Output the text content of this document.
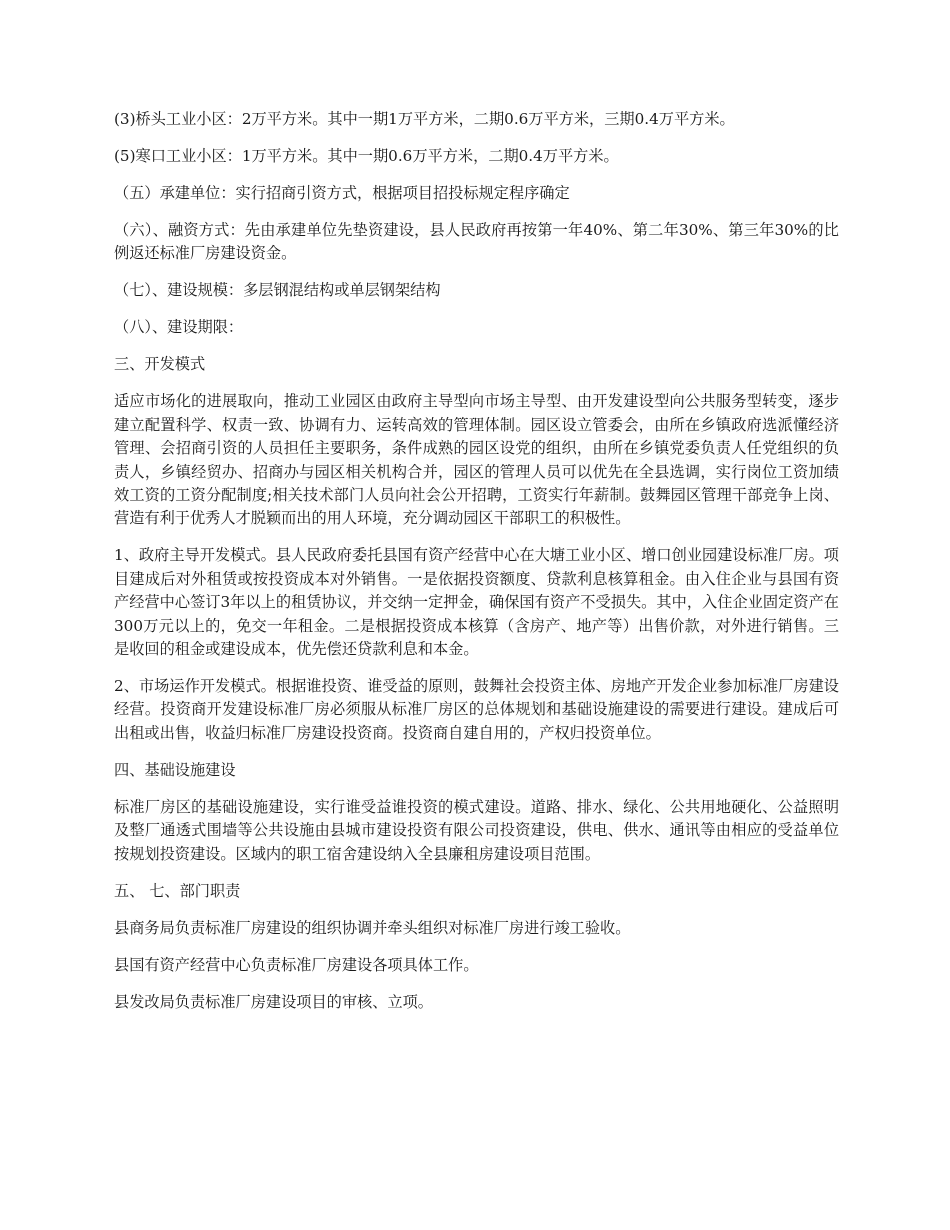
(3)桥头工业小区：2万平方米。其中一期1万平方米，二期0.6万平方米，三期0.4万平方米。

(5)寒口工业小区：1万平方米。其中一期0.6万平方米，二期0.4万平方米。

（五）承建单位：实行招商引资方式，根据项目招投标规定程序确定

（六）、融资方式：先由承建单位先垫资建设，县人民政府再按第一年40%、第二年30%、第三年30%的比例返还标准厂房建设资金。

（七）、建设规模：多层钢混结构或单层钢架结构

（八）、建设期限：

三、开发模式

适应市场化的进展取向，推动工业园区由政府主导型向市场主导型、由开发建设型向公共服务型转变，逐步建立配置科学、权责一致、协调有力、运转高效的管理体制。园区设立管委会，由所在乡镇政府选派懂经济管理、会招商引资的人员担任主要职务，条件成熟的园区设党的组织，由所在乡镇党委负责人任党组织的负责人，乡镇经贸办、招商办与园区相关机构合并，园区的管理人员可以优先在全县选调，实行岗位工资加绩效工资的工资分配制度;相关技术部门人员向社会公开招聘，工资实行年薪制。鼓舞园区管理干部竞争上岗、营造有利于优秀人才脱颖而出的用人环境，充分调动园区干部职工的积极性。

1、政府主导开发模式。县人民政府委托县国有资产经营中心在大塘工业小区、增口创业园建设标准厂房。项目建成后对外租赁或按投资成本对外销售。一是依据投资额度、贷款利息核算租金。由入住企业与县国有资产经营中心签订3年以上的租赁协议，并交纳一定押金，确保国有资产不受损失。其中，入住企业固定资产在300万元以上的，免交一年租金。二是根据投资成本核算（含房产、地产等）出售价款，对外进行销售。三是收回的租金或建设成本，优先偿还贷款利息和本金。

2、市场运作开发模式。根据谁投资、谁受益的原则，鼓舞社会投资主体、房地产开发企业参加标准厂房建设经营。投资商开发建设标准厂房必须服从标准厂房区的总体规划和基础设施建设的需要进行建设。建成后可出租或出售，收益归标准厂房建设投资商。投资商自建自用的，产权归投资单位。

四、基础设施建设

标准厂房区的基础设施建设，实行谁受益谁投资的模式建设。道路、排水、绿化、公共用地硬化、公益照明及整厂通透式围墙等公共设施由县城市建设投资有限公司投资建设，供电、供水、通讯等由相应的受益单位按规划投资建设。区域内的职工宿舍建设纳入全县廉租房建设项目范围。

五、 七、部门职责

县商务局负责标准厂房建设的组织协调并牵头组织对标准厂房进行竣工验收。

县国有资产经营中心负责标准厂房建设各项具体工作。

县发改局负责标准厂房建设项目的审核、立项。
